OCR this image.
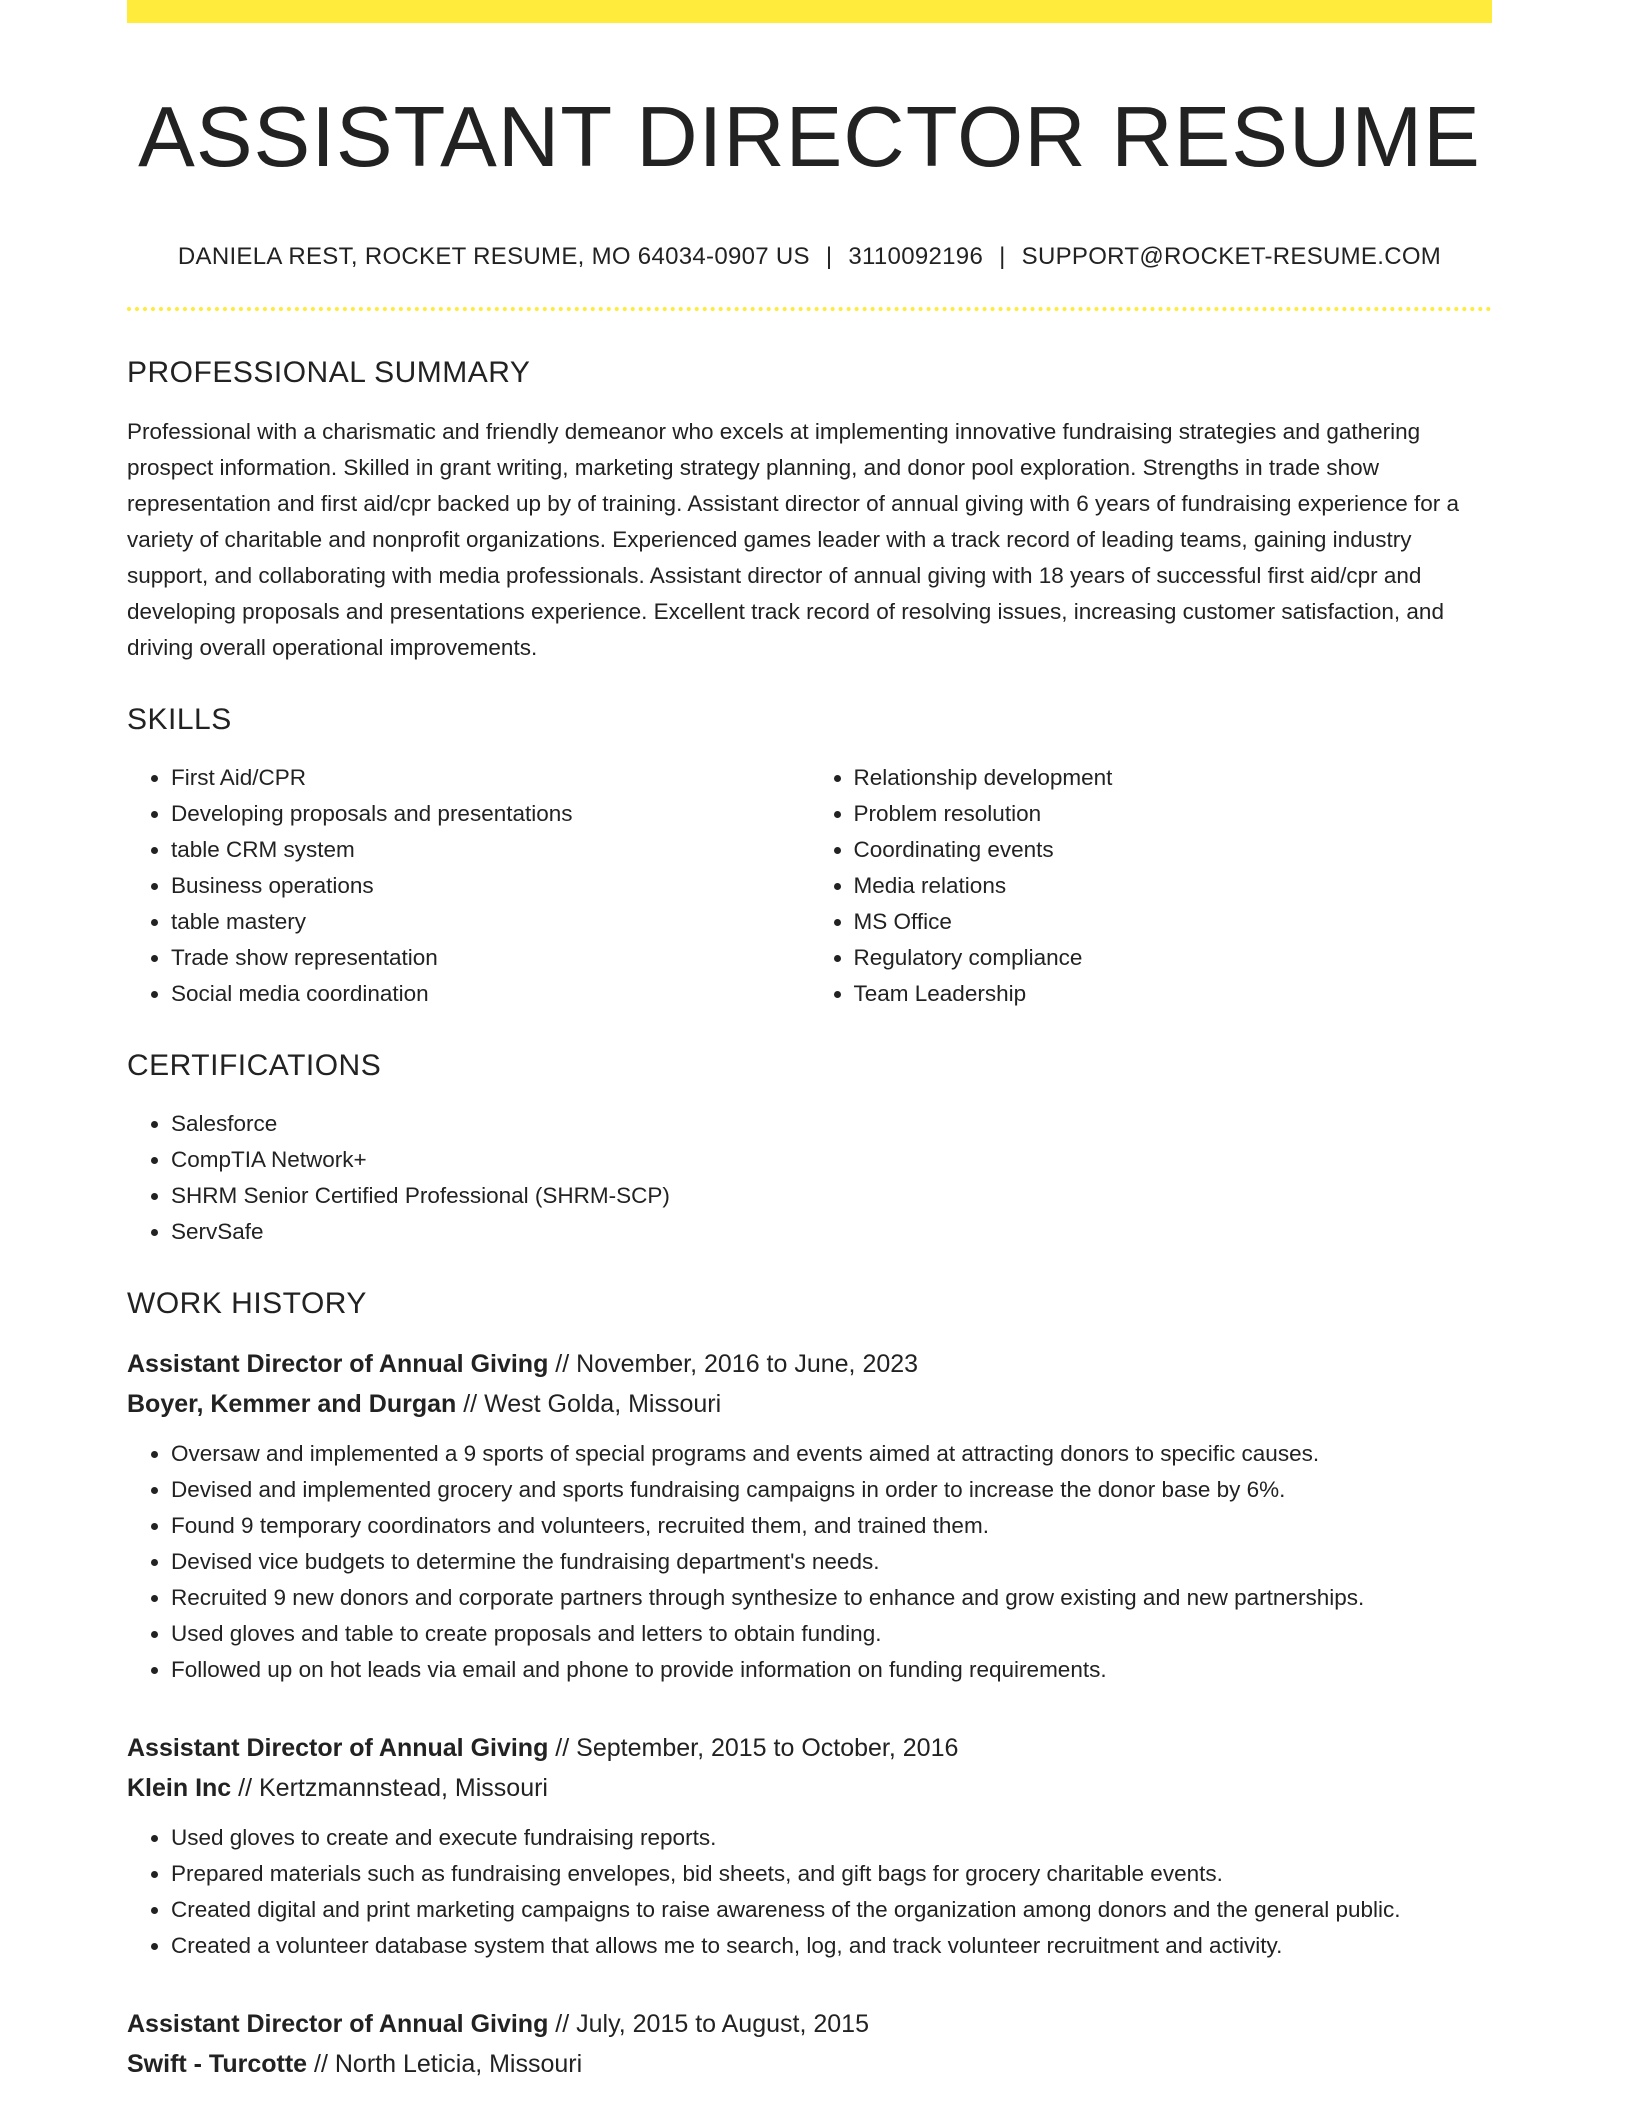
ASSISTANT DIRECTOR RESUME
DANIELA REST, ROCKET RESUME, MO 64034-0907 US | 3110092196 | SUPPORT@ROCKET-RESUME.COM
PROFESSIONAL SUMMARY
Professional with a charismatic and friendly demeanor who excels at implementing innovative fundraising strategies and gathering prospect information. Skilled in grant writing, marketing strategy planning, and donor pool exploration. Strengths in trade show representation and first aid/cpr backed up by of training. Assistant director of annual giving with 6 years of fundraising experience for a variety of charitable and nonprofit organizations. Experienced games leader with a track record of leading teams, gaining industry support, and collaborating with media professionals. Assistant director of annual giving with 18 years of successful first aid/cpr and developing proposals and presentations experience. Excellent track record of resolving issues, increasing customer satisfaction, and driving overall operational improvements.
SKILLS
• First Aid/CPR
• Developing proposals and presentations
• table CRM system
• Business operations
• table mastery
• Trade show representation
• Social media coordination
• Relationship development
• Problem resolution
• Coordinating events
• Media relations
• MS Office
• Regulatory compliance
• Team Leadership
CERTIFICATIONS
• Salesforce
• CompTIA Network+
• SHRM Senior Certified Professional (SHRM-SCP)
• ServSafe
WORK HISTORY
Assistant Director of Annual Giving // November, 2016 to June, 2023
Boyer, Kemmer and Durgan // West Golda, Missouri
• Oversaw and implemented a 9 sports of special programs and events aimed at attracting donors to specific causes.
• Devised and implemented grocery and sports fundraising campaigns in order to increase the donor base by 6%.
• Found 9 temporary coordinators and volunteers, recruited them, and trained them.
• Devised vice budgets to determine the fundraising department's needs.
• Recruited 9 new donors and corporate partners through synthesize to enhance and grow existing and new partnerships.
• Used gloves and table to create proposals and letters to obtain funding.
• Followed up on hot leads via email and phone to provide information on funding requirements.
Assistant Director of Annual Giving // September, 2015 to October, 2016
Klein Inc // Kertzmannstead, Missouri
• Used gloves to create and execute fundraising reports.
• Prepared materials such as fundraising envelopes, bid sheets, and gift bags for grocery charitable events.
• Created digital and print marketing campaigns to raise awareness of the organization among donors and the general public.
• Created a volunteer database system that allows me to search, log, and track volunteer recruitment and activity.
Assistant Director of Annual Giving // July, 2015 to August, 2015
Swift - Turcotte // North Leticia, Missouri
